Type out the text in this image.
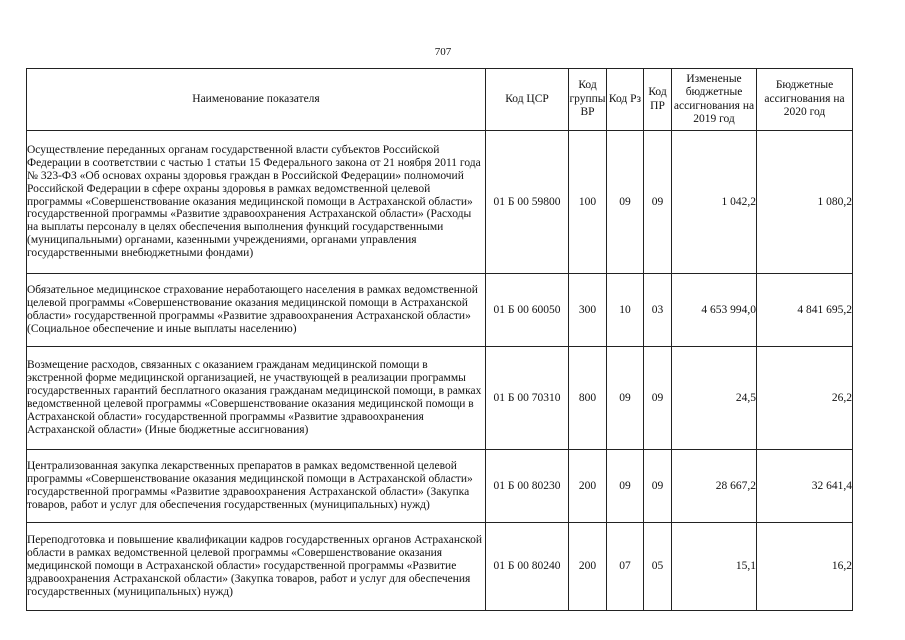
707
Наименование показателя	Код ЦСР	Код группы ВР	Код Рз	Код ПР	Измененые бюджетные ассигнования на 2019 год	Бюджетные ассигнования на 2020 год
Осуществление переданных органам государственной власти субъектов Российской Федерации в соответствии с частью 1 статьи 15 Федерального закона от 21 ноября 2011 года № 323-ФЗ «Об основах охраны здоровья граждан в Российской Федерации» полномочий Российской Федерации в сфере охраны здоровья в рамках ведомственной целевой программы «Совершенствование оказания медицинской помощи в Астраханской области» государственной программы «Развитие здравоохранения Астраханской области» (Расходы на выплаты персоналу в целях обеспечения выполнения функций государственными (муниципальными) органами, казенными учреждениями, органами управления государственными внебюджетными фондами)	01 Б 00 59800	100	09	09	1 042,2	1 080,2
Обязательное медицинское страхование неработающего населения в рамках ведомственной целевой программы «Совершенствование оказания медицинской помощи в Астраханской области» государственной программы «Развитие здравоохранения Астраханской области» (Социальное обеспечение и иные выплаты населению)	01 Б 00 60050	300	10	03	4 653 994,0	4 841 695,2
Возмещение расходов, связанных с оказанием гражданам медицинской помощи в экстренной форме медицинской организацией, не участвующей в реализации программы государственных гарантий бесплатного оказания гражданам медицинской помощи, в рамках ведомственной целевой программы «Совершенствование оказания медицинской помощи в Астраханской области» государственной программы «Развитие здравоохранения Астраханской области» (Иные бюджетные ассигнования)	01 Б 00 70310	800	09	09	24,5	26,2
Централизованная закупка лекарственных препаратов в рамках ведомственной целевой программы «Совершенствование оказания медицинской помощи в Астраханской области» государственной программы «Развитие здравоохранения Астраханской области» (Закупка товаров, работ и услуг для обеспечения государственных (муниципальных) нужд)	01 Б 00 80230	200	09	09	28 667,2	32 641,4
Переподготовка и повышение квалификации кадров государственных органов Астраханской области в рамках ведомственной целевой программы «Совершенствование оказания медицинской помощи в Астраханской области» государственной программы «Развитие здравоохранения Астраханской области» (Закупка товаров, работ и услуг для обеспечения государственных (муниципальных) нужд)	01 Б 00 80240	200	07	05	15,1	16,2
